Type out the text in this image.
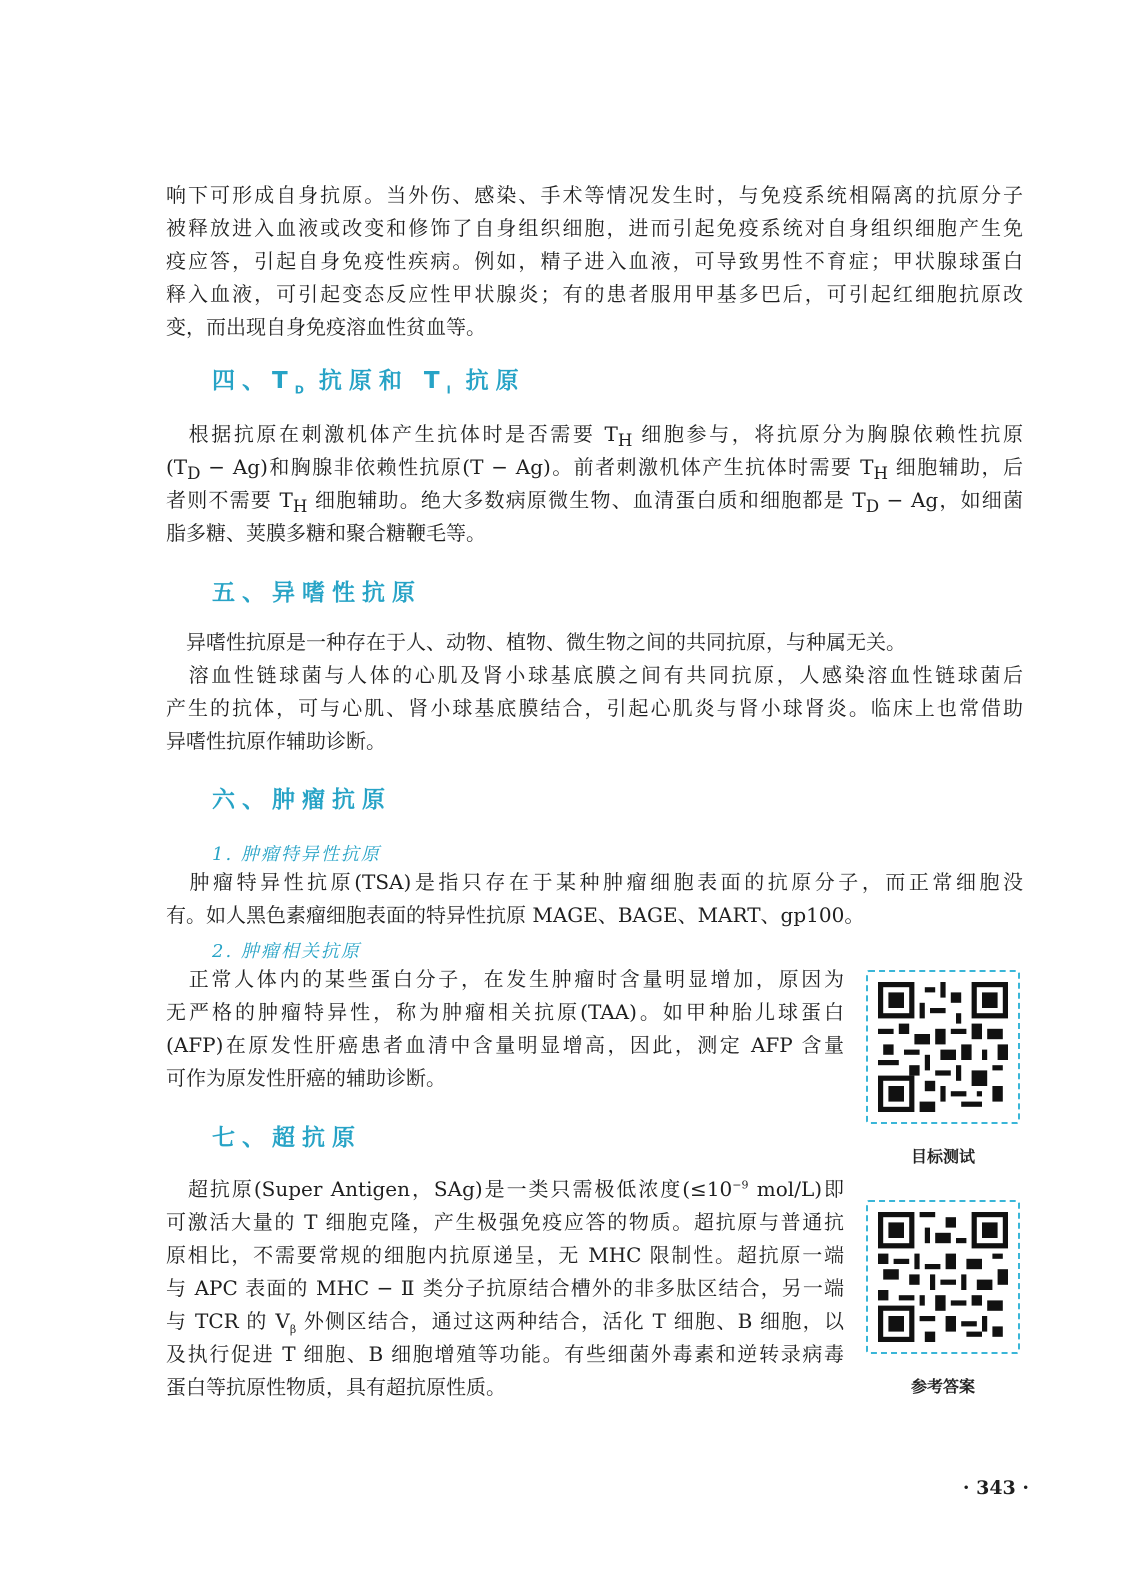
响下可形成自身抗原。当外伤、感染、手术等情况发生时，与免疫系统相隔离的抗原分子
被释放进入血液或改变和修饰了自身组织细胞，进而引起免疫系统对自身组织细胞产生免
疫应答，引起自身免疫性疾病。例如，精子进入血液，可导致男性不育症；甲状腺球蛋白
释入血液，可引起变态反应性甲状腺炎；有的患者服用甲基多巴后，可引起红细胞抗原改
变，而出现自身免疫溶血性贫血等。
四、$T_D$ 抗原和 $T_I$ 抗原
　根据抗原在刺激机体产生抗体时是否需要 $T_H$ 细胞参与，将抗原分为胸腺依赖性抗原
$(T_D - Ag)$和胸腺非依赖性抗原(T − Ag)。前者刺激机体产生抗体时需要 $T_H$ 细胞辅助，后
者则不需要 $T_H$ 细胞辅助。绝大多数病原微生物、血清蛋白质和细胞都是 $T_D - Ag$，如细菌
脂多糖、荚膜多糖和聚合糖鞭毛等。
五、异嗜性抗原
　异嗜性抗原是一种存在于人、动物、植物、微生物之间的共同抗原，与种属无关。
　溶血性链球菌与人体的心肌及肾小球基底膜之间有共同抗原，人感染溶血性链球菌后
产生的抗体，可与心肌、肾小球基底膜结合，引起心肌炎与肾小球肾炎。临床上也常借助
异嗜性抗原作辅助诊断。
六、肿瘤抗原
1. 肿瘤特异性抗原
　肿瘤特异性抗原(TSA)是指只存在于某种肿瘤细胞表面的抗原分子，而正常细胞没
有。如人黑色素瘤细胞表面的特异性抗原 MAGE、BAGE、MART、gp100。
2. 肿瘤相关抗原
　正常人体内的某些蛋白分子，在发生肿瘤时含量明显增加，原因为
无严格的肿瘤特异性，称为肿瘤相关抗原(TAA)。如甲种胎儿球蛋白
(AFP)在原发性肝癌患者血清中含量明显增高，因此，测定 AFP 含量
可作为原发性肝癌的辅助诊断。
七、超抗原
　超抗原(Super Antigen，SAg)是一类只需极低浓度($\le 10^{-9}$ mol/L)即
可激活大量的 T 细胞克隆，产生极强免疫应答的物质。超抗原与普通抗
原相比，不需要常规的细胞内抗原递呈，无 MHC 限制性。超抗原一端
与 APC 表面的 MHC − Ⅱ 类分子抗原结合槽外的非多肽区结合，另一端
与 TCR 的 $V_\beta$ 外侧区结合，通过这两种结合，活化 T 细胞、B 细胞，以
及执行促进 T 细胞、B 细胞增殖等功能。有些细菌外毒素和逆转录病毒
蛋白等抗原性物质，具有超抗原性质。
目标测试
参考答案
· 343 ·
